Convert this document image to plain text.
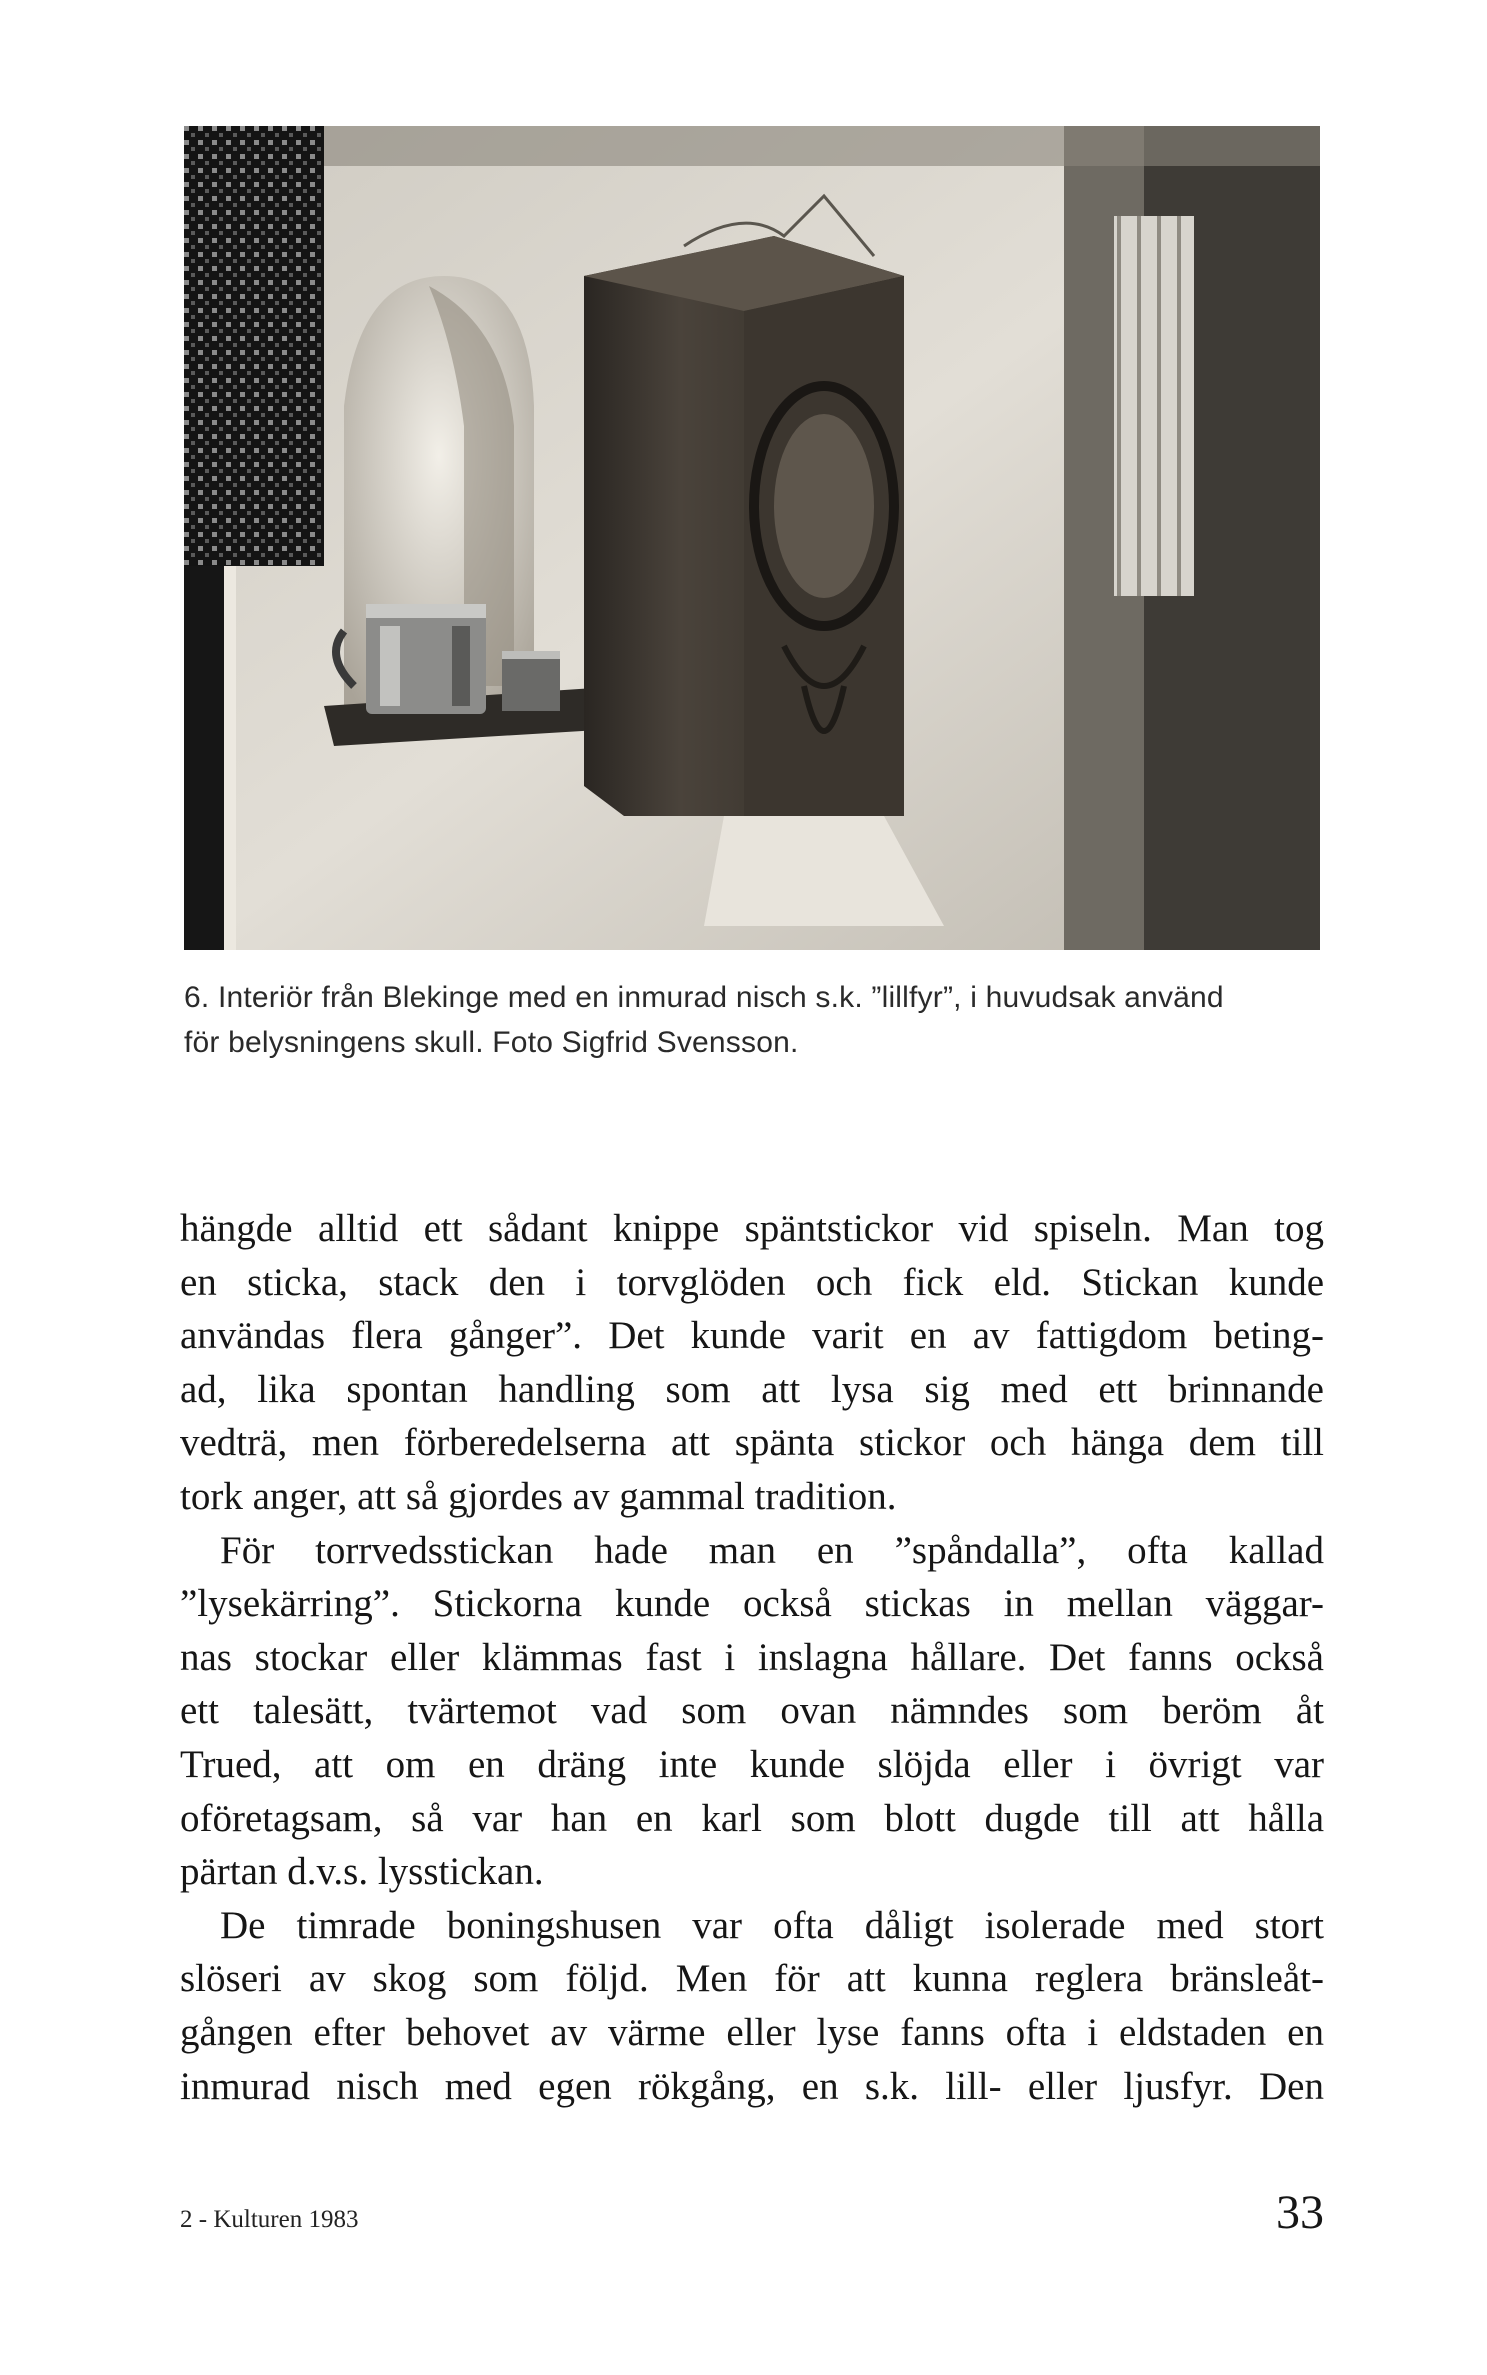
6. Interiör från Blekinge med en inmurad nisch s.k. ”lillfyr”, i huvudsak använd
för belysningens skull. Foto Sigfrid Svensson.
hängde alltid ett sådant knippe späntstickor vid spiseln. Man tog
en sticka, stack den i torvglöden och fick eld. Stickan kunde
användas flera gånger”. Det kunde varit en av fattigdom beting-
ad, lika spontan handling som att lysa sig med ett brinnande
vedträ, men förberedelserna att spänta stickor och hänga dem till
tork anger, att så gjordes av gammal tradition.
För torrvedsstickan hade man en ”spåndalla”, ofta kallad
”lysekärring”. Stickorna kunde också stickas in mellan väggar-
nas stockar eller klämmas fast i inslagna hållare. Det fanns också
ett talesätt, tvärtemot vad som ovan nämndes som beröm åt
Trued, att om en dräng inte kunde slöjda eller i övrigt var
oföretagsam, så var han en karl som blott dugde till att hålla
pärtan d.v.s. lysstickan.
De timrade boningshusen var ofta dåligt isolerade med stort
slöseri av skog som följd. Men för att kunna reglera bränsleåt-
gången efter behovet av värme eller lyse fanns ofta i eldstaden en
inmurad nisch med egen rökgång, en s.k. lill- eller ljusfyr. Den
2 - Kulturen 1983	33
